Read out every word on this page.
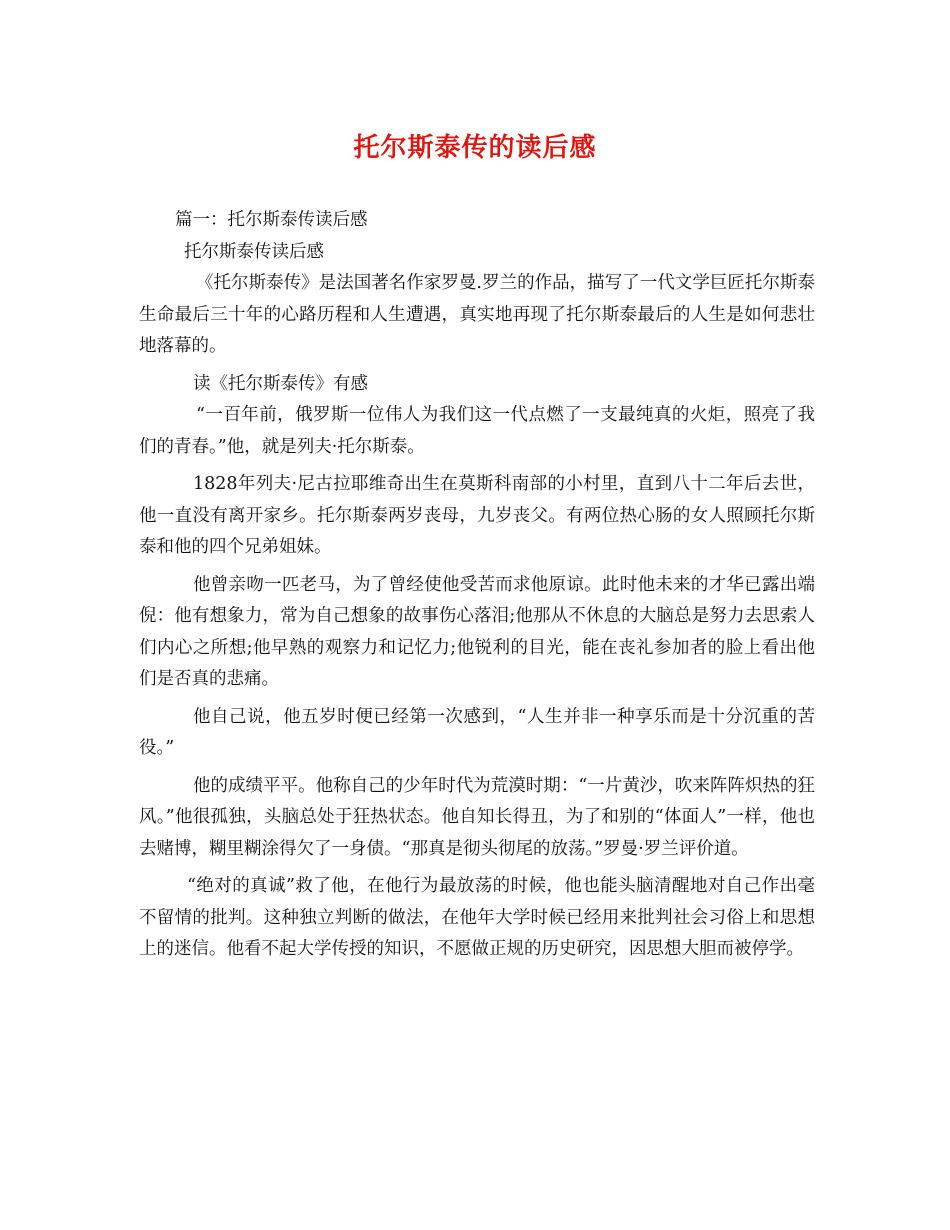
托尔斯泰传的读后感

篇一：托尔斯泰传读后感

托尔斯泰传读后感

《托尔斯泰传》是法国著名作家罗曼.罗兰的作品，描写了一代文学巨匠托尔斯泰生命最后三十年的心路历程和人生遭遇，真实地再现了托尔斯泰最后的人生是如何悲壮地落幕的。

读《托尔斯泰传》有感

“一百年前，俄罗斯一位伟人为我们这一代点燃了一支最纯真的火炬，照亮了我们的青春。”他，就是列夫·托尔斯泰。

1828年列夫·尼古拉耶维奇出生在莫斯科南部的小村里，直到八十二年后去世，他一直没有离开家乡。托尔斯泰两岁丧母，九岁丧父。有两位热心肠的女人照顾托尔斯泰和他的四个兄弟姐妹。

他曾亲吻一匹老马，为了曾经使他受苦而求他原谅。此时他未来的才华已露出端倪：他有想象力，常为自己想象的故事伤心落泪;他那从不休息的大脑总是努力去思索人们内心之所想;他早熟的观察力和记忆力;他锐利的目光，能在丧礼参加者的脸上看出他们是否真的悲痛。

他自己说，他五岁时便已经第一次感到，“人生并非一种享乐而是十分沉重的苦役。”

他的成绩平平。他称自己的少年时代为荒漠时期：“一片黄沙，吹来阵阵炽热的狂风。”他很孤独，头脑总处于狂热状态。他自知长得丑，为了和别的“体面人”一样，他也去赌博，糊里糊涂得欠了一身债。“那真是彻头彻尾的放荡。”罗曼·罗兰评价道。

“绝对的真诚”救了他，在他行为最放荡的时候，他也能头脑清醒地对自己作出毫不留情的批判。这种独立判断的做法，在他年大学时候已经用来批判社会习俗上和思想上的迷信。他看不起大学传授的知识，不愿做正规的历史研究，因思想大胆而被停学。
